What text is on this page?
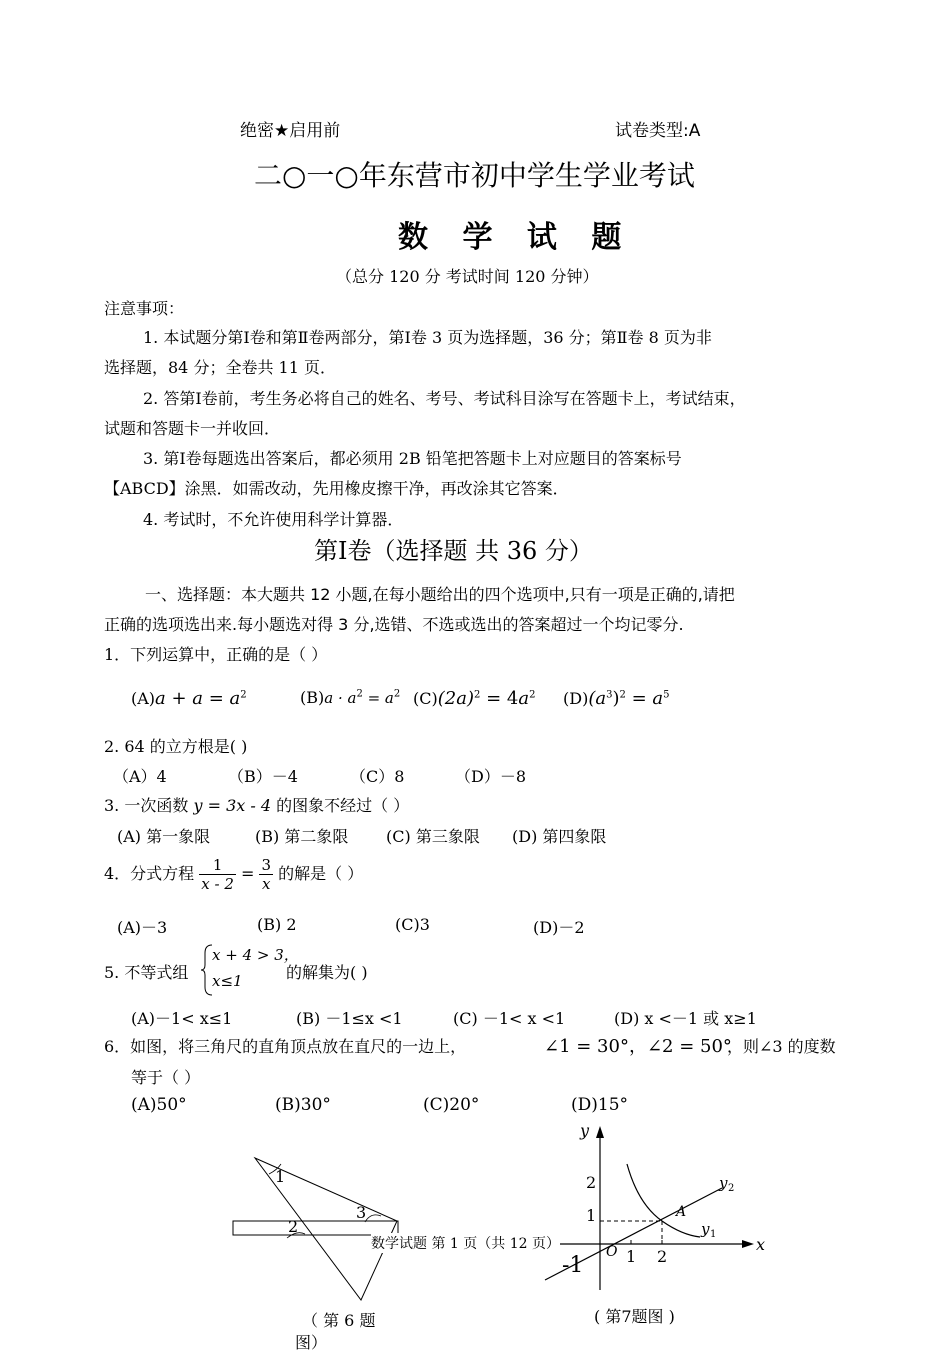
绝密★启用前	试卷类型:A
二○一○年东营市初中学生学业考试
数 学 试 题
（总分 120 分 考试时间 120 分钟）
注意事项：
1. 本试题分第Ⅰ卷和第Ⅱ卷两部分，第Ⅰ卷 3 页为选择题，36 分；第Ⅱ卷 8 页为非
选择题，84 分；全卷共 11 页．
2. 答第Ⅰ卷前，考生务必将自己的姓名、考号、考试科目涂写在答题卡上，考试结束，
试题和答题卡一并收回．
3. 第Ⅰ卷每题选出答案后，都必须用 2B 铅笔把答题卡上对应题目的答案标号
【ABCD】涂黑．如需改动，先用橡皮擦干净，再改涂其它答案．
4. 考试时，不允许使用科学计算器．
第Ⅰ卷（选择题 共 36 分）
一、选择题：本大题共 12 小题,在每小题给出的四个选项中,只有一项是正确的,请把
正确的选项选出来.每小题选对得 3 分,选错、不选或选出的答案超过一个均记零分.
1．下列运算中，正确的是（ ）
$(A)a + a = a^2$	$(B)a \cdot a^2 = a^2$ $(C)(2a)^2 = 4a^2$ $(D)(a^3)^2 = a^5$
2. 64 的立方根是( )
（A）4	（B）－4	（C）8	（D）－8
3. 一次函数 y = 3x - 4 的图象不经过（ ）
(A) 第一象限	(B) 第二象限 (C) 第三象限 (D) 第四象限
4．分式方程 $\frac{1}{x - 2} = \frac{3}{x}$ 的解是（ ）
(A)－3	(B) 2	(C)3	(D)－2
5. 不等式组
x + 4 > 3，
x≤1	的解集为( )
(A)－1< x≤1	(B) －1≤x <1	(C) －1< x <1	(D) x <－1 或 x≥1
6．如图，将三角尺的直角顶点放在直尺的一边上，	∠1 = 30°，∠2 = 50°
，则∠3 的度数
等于（ ）
(A)50°	(B)30°	(C)20°	(D)15°
1
2
3
（ 第 6 题
图）
y
x
O
2
1
1 2
-1
A
y 2
y 1
( 第7题图 )
数学试题 第 1 页（共 12 页）
